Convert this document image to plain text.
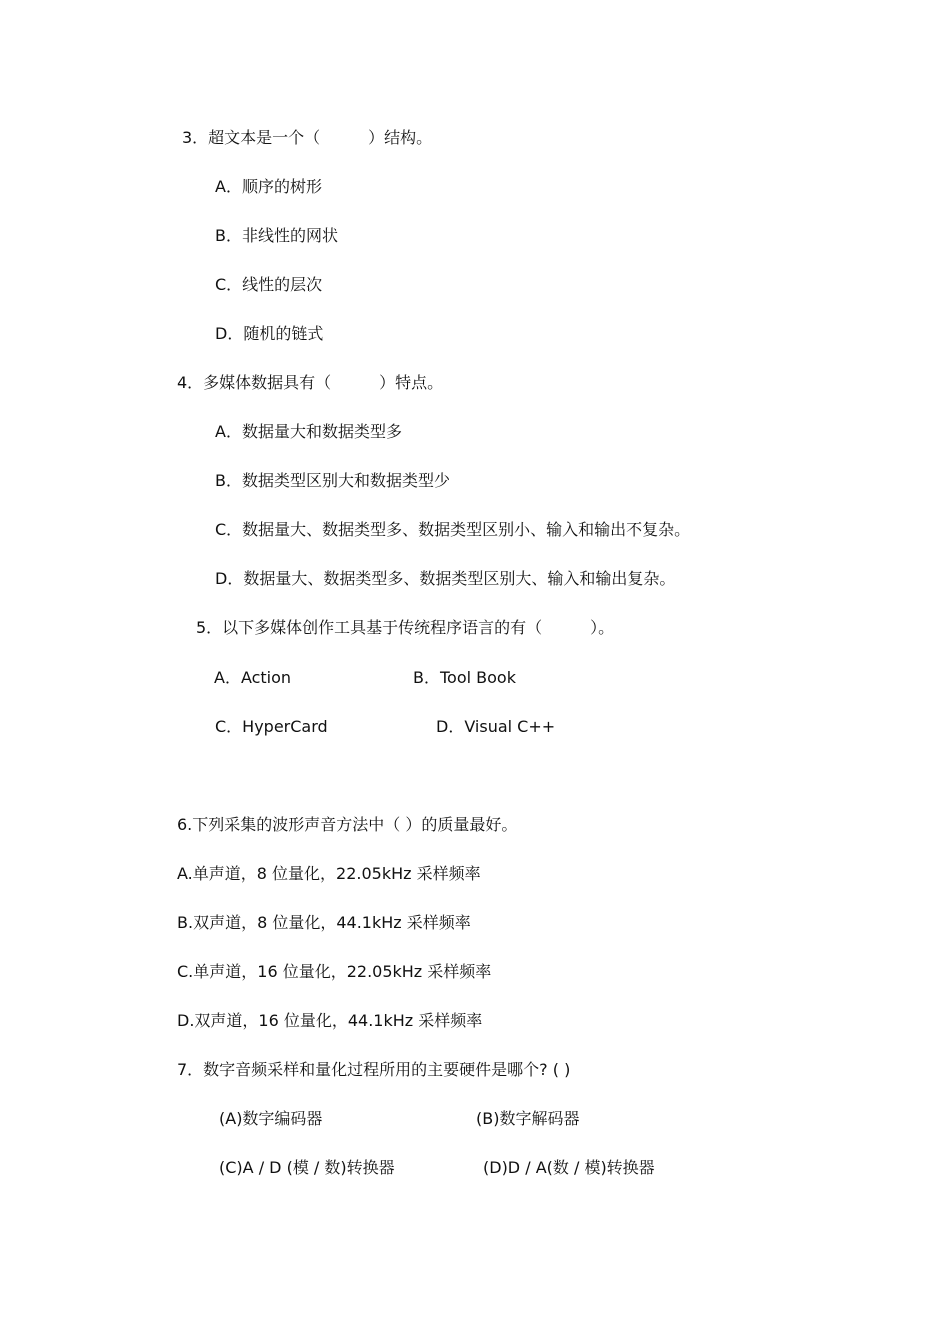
3．超文本是一个（　　　）结构。
A．顺序的树形
B．非线性的网状
C．线性的层次
D．随机的链式
4．多媒体数据具有（　　　）特点。
A．数据量大和数据类型多
B．数据类型区别大和数据类型少
C．数据量大、数据类型多、数据类型区别小、输入和输出不复杂。
D．数据量大、数据类型多、数据类型区别大、输入和输出复杂。
5．以下多媒体创作工具基于传统程序语言的有（　　　）。
A．Action	B．Tool Book
C．HyperCard	D．Visual C++
6.下列采集的波形声音方法中（ ）的质量最好。
A.单声道，8 位量化，22.05kHz 采样频率
B.双声道，8 位量化，44.1kHz 采样频率
C.单声道，16 位量化，22.05kHz 采样频率
D.双声道，16 位量化，44.1kHz 采样频率
7．数字音频采样和量化过程所用的主要硬件是哪个? ( )
(A)数字编码器	(B)数字解码器
(C)A / D (模 / 数)转换器	(D)D / A(数 / 模)转换器
